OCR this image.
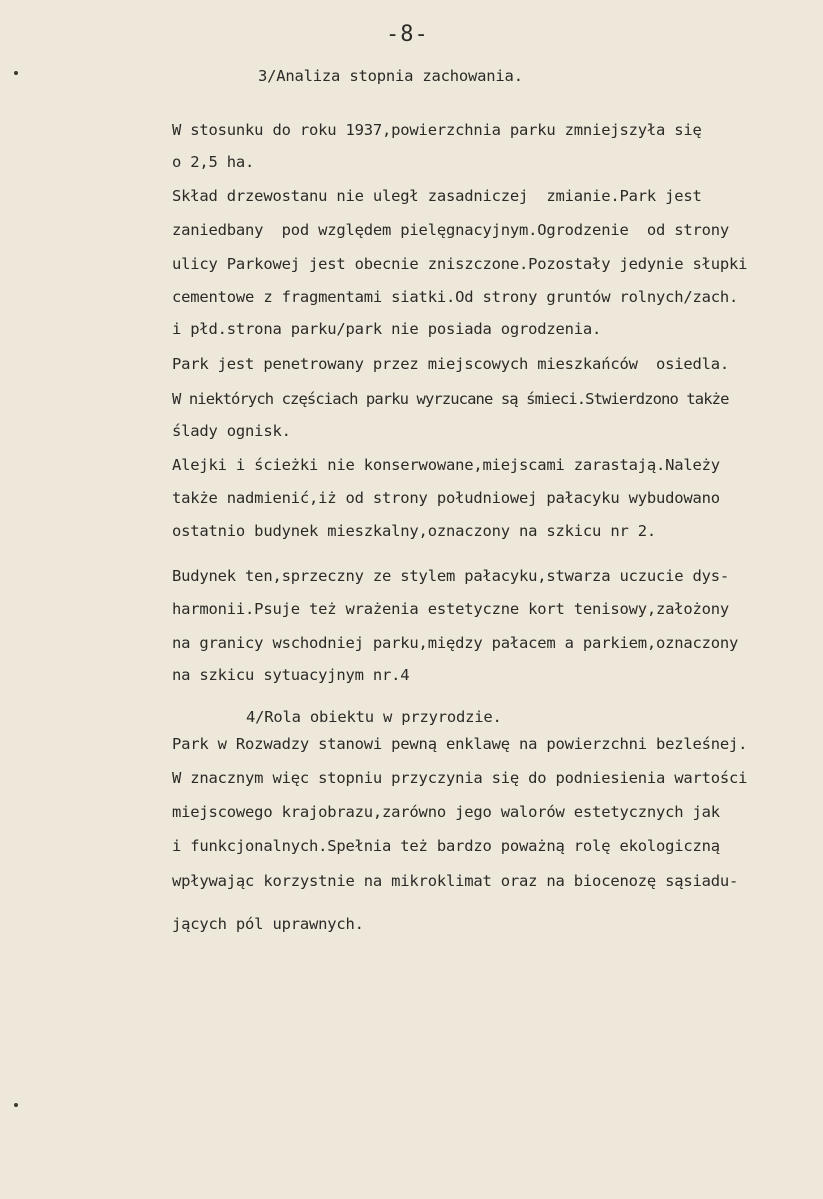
-8-
3/Analiza stopnia zachowania.
W stosunku do roku 1937,powierzchnia parku zmniejszyła się
o 2,5 ha.
Skład drzewostanu nie uległ zasadniczej  zmianie.Park jest
zaniedbany  pod względem pielęgnacyjnym.Ogrodzenie  od strony
ulicy Parkowej jest obecnie zniszczone.Pozostały jedynie słupki
cementowe z fragmentami siatki.Od strony gruntów rolnych/zach.
i płd.strona parku/park nie posiada ogrodzenia.
Park jest penetrowany przez miejscowych mieszkańców  osiedla.
W niektórych częściach parku wyrzucane są śmieci.Stwierdzono także
ślady ognisk.
Alejki i ścieżki nie konserwowane,miejscami zarastają.Należy
także nadmienić,iż od strony południowej pałacyku wybudowano
ostatnio budynek mieszkalny,oznaczony na szkicu nr 2.
Budynek ten,sprzeczny ze stylem pałacyku,stwarza uczucie dys-
harmonii.Psuje też wrażenia estetyczne kort tenisowy,założony
na granicy wschodniej parku,między pałacem a parkiem,oznaczony
na szkicu sytuacyjnym nr.4
4/Rola obiektu w przyrodzie.
Park w Rozwadzy stanowi pewną enklawę na powierzchni bezleśnej.
W znacznym więc stopniu przyczynia się do podniesienia wartości
miejscowego krajobrazu,zarówno jego walorów estetycznych jak
i funkcjonalnych.Spełnia też bardzo poważną rolę ekologiczną
wpływając korzystnie na mikroklimat oraz na biocenozę sąsiadu-
jących pól uprawnych.
